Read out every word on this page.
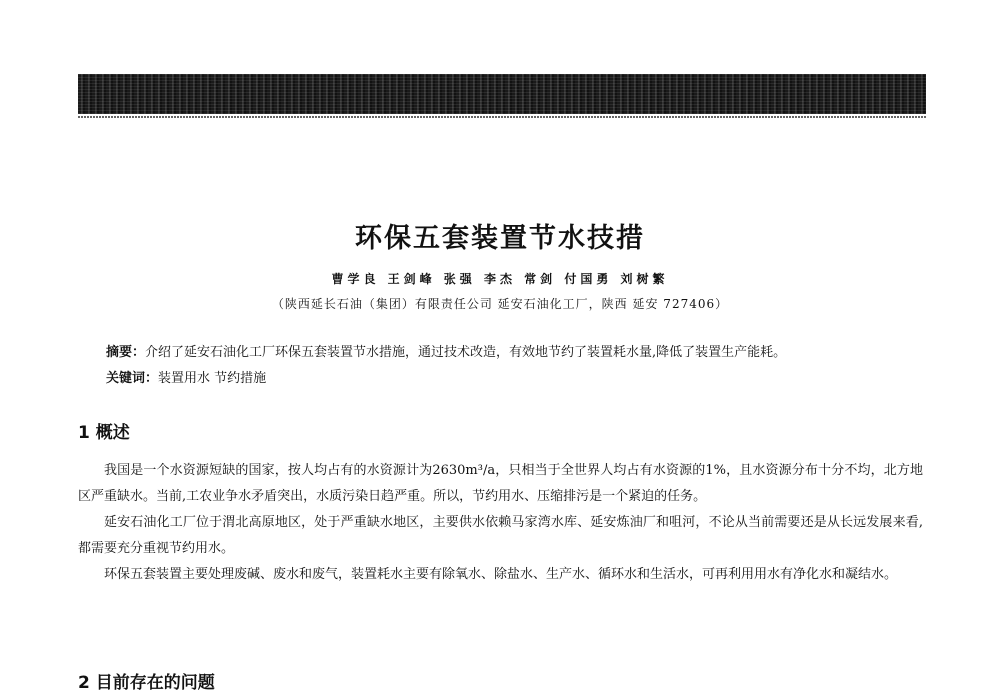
环保五套装置节水技措
曹学良 王剑峰 张强 李杰 常剑 付国勇 刘树繁
（陕西延长石油（集团）有限责任公司 延安石油化工厂，陕西 延安 727406）
摘要：介绍了延安石油化工厂环保五套装置节水措施，通过技术改造，有效地节约了装置耗水量,降低了装置生产能耗。
关键词：装置用水 节约措施
1 概述

我国是一个水资源短缺的国家，按人均占有的水资源计为2630m³/a，只相当于全世界人均占有水资源的1%，且水资源分布十分不均，北方地区严重缺水。当前,工农业争水矛盾突出，水质污染日趋严重。所以，节约用水、压缩排污是一个紧迫的任务。

延安石油化工厂位于渭北高原地区，处于严重缺水地区，主要供水依赖马家湾水库、延安炼油厂和咀河，不论从当前需要还是从长远发展来看,都需要充分重视节约用水。

环保五套装置主要处理废碱、废水和废气，装置耗水主要有除氧水、除盐水、生产水、循环水和生活水，可再利用用水有净化水和凝结水。

2 目前存在的问题
